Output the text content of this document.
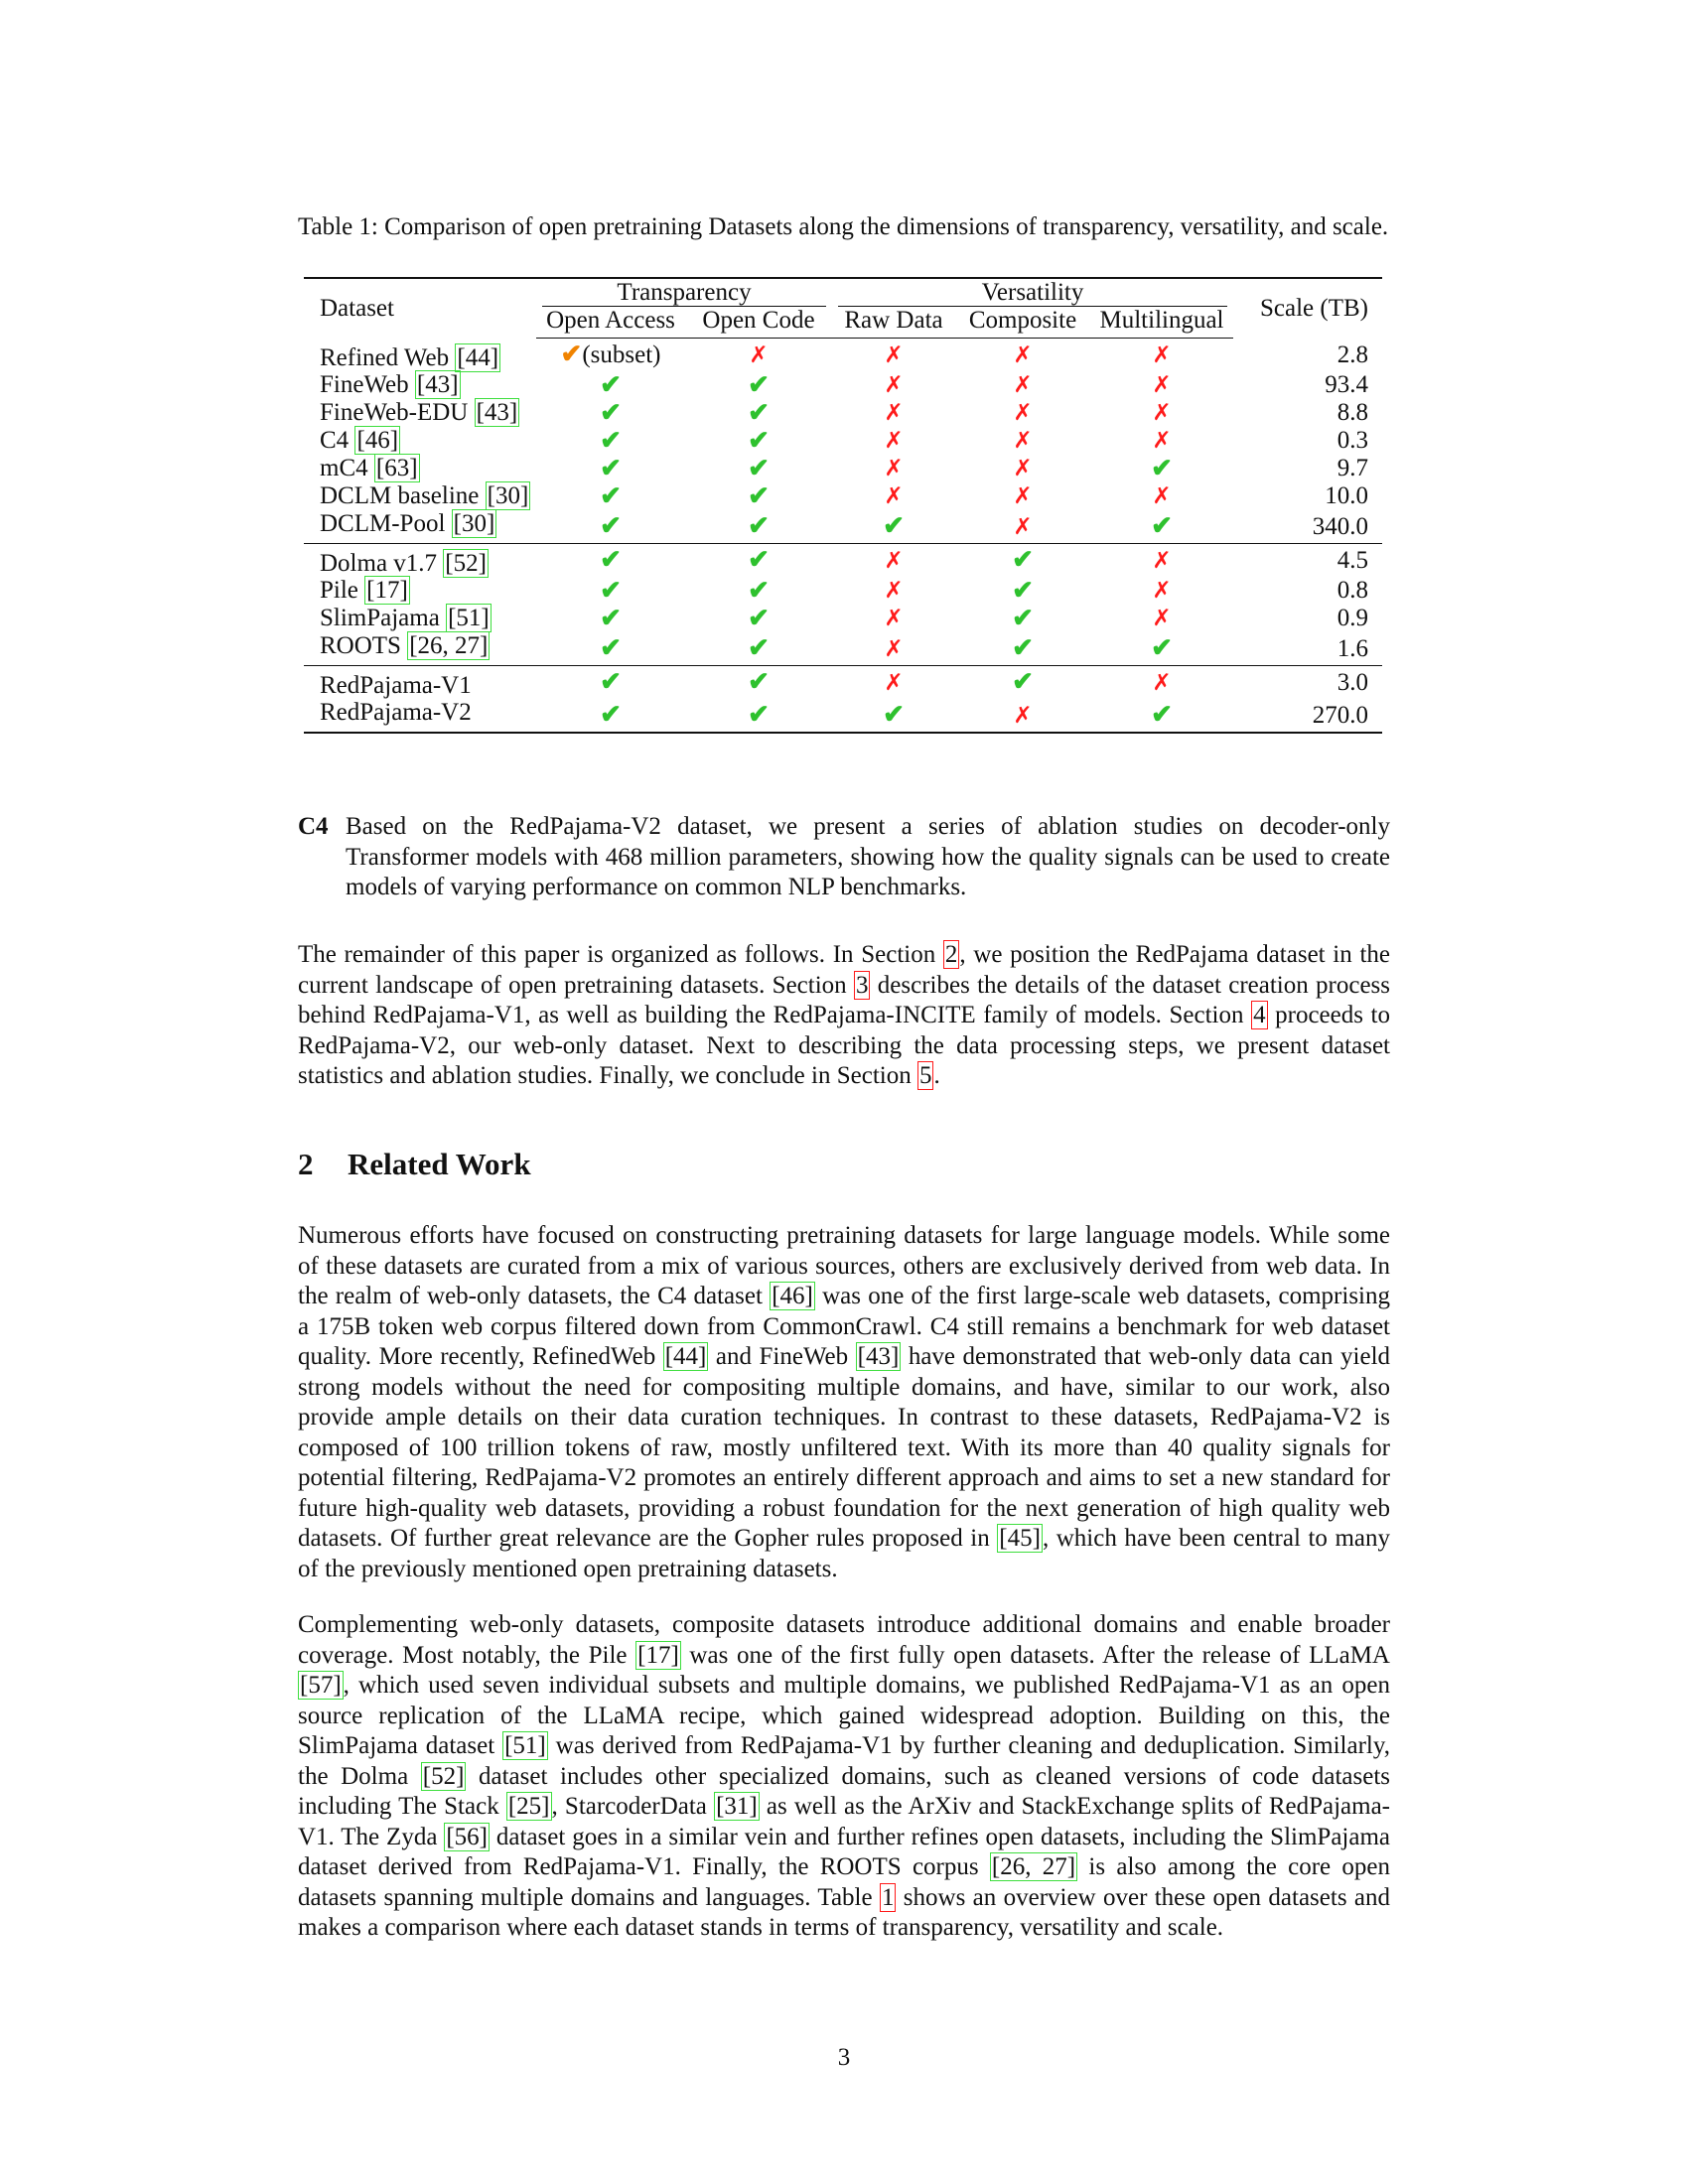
Table 1: Comparison of open pretraining Datasets along the dimensions of transparency, versatility, and scale.
Dataset	Transparency		Versatility			Scale (TB)
	Open Access	Open Code	Raw Data	Composite	Multilingual	
Refined Web [44]	✔(subset)	✗	✗	✗	✗	2.8
FineWeb [43]	✔	✔	✗	✗	✗	93.4
FineWeb-EDU [43]	✔	✔	✗	✗	✗	8.8
C4 [46]	✔	✔	✗	✗	✗	0.3
mC4 [63]	✔	✔	✗	✗	✔	9.7
DCLM baseline [30]	✔	✔	✗	✗	✗	10.0
DCLM-Pool [30]	✔	✔	✔	✗	✔	340.0
Dolma v1.7 [52]	✔	✔	✗	✔	✗	4.5
Pile [17]	✔	✔	✗	✔	✗	0.8
SlimPajama [51]	✔	✔	✗	✔	✗	0.9
ROOTS [26, 27]	✔	✔	✗	✔	✔	1.6
RedPajama-V1	✔	✔	✗	✔	✗	3.0
RedPajama-V2	✔	✔	✔	✗	✔	270.0
C4 Based on the RedPajama-V2 dataset, we present a series of ablation studies on decoder-only Transformer models with 468 million parameters, showing how the quality signals can be used to create models of varying performance on common NLP benchmarks.
The remainder of this paper is organized as follows. In Section 2, we position the RedPajama dataset in the current landscape of open pretraining datasets. Section 3 describes the details of the dataset creation process behind RedPajama-V1, as well as building the RedPajama-INCITE family of models. Section 4 proceeds to RedPajama-V2, our web-only dataset. Next to describing the data processing steps, we present dataset statistics and ablation studies. Finally, we conclude in Section 5.
2 Related Work
Numerous efforts have focused on constructing pretraining datasets for large language models. While some of these datasets are curated from a mix of various sources, others are exclusively derived from web data. In the realm of web-only datasets, the C4 dataset [46] was one of the first large-scale web datasets, comprising a 175B token web corpus filtered down from CommonCrawl. C4 still remains a benchmark for web dataset quality. More recently, RefinedWeb [44] and FineWeb [43] have demonstrated that web-only data can yield strong models without the need for compositing multiple domains, and have, similar to our work, also provide ample details on their data curation techniques. In contrast to these datasets, RedPajama-V2 is composed of 100 trillion tokens of raw, mostly unfiltered text. With its more than 40 quality signals for potential filtering, RedPajama-V2 promotes an entirely different approach and aims to set a new standard for future high-quality web datasets, providing a robust foundation for the next generation of high quality web datasets. Of further great relevance are the Gopher rules proposed in [45], which have been central to many of the previously mentioned open pretraining datasets.
Complementing web-only datasets, composite datasets introduce additional domains and enable broader coverage. Most notably, the Pile [17] was one of the first fully open datasets. After the release of LLaMA [57], which used seven individual subsets and multiple domains, we published RedPajama-V1 as an open source replication of the LLaMA recipe, which gained widespread adoption. Building on this, the SlimPajama dataset [51] was derived from RedPajama-V1 by further cleaning and deduplication. Similarly, the Dolma [52] dataset includes other specialized domains, such as cleaned versions of code datasets including The Stack [25], StarcoderData [31] as well as the ArXiv and StackExchange splits of RedPajama-V1. The Zyda [56] dataset goes in a similar vein and further refines open datasets, including the SlimPajama dataset derived from RedPajama-V1. Finally, the ROOTS corpus [26, 27] is also among the core open datasets spanning multiple domains and languages. Table 1 shows an overview over these open datasets and makes a comparison where each dataset stands in terms of transparency, versatility and scale.
3
